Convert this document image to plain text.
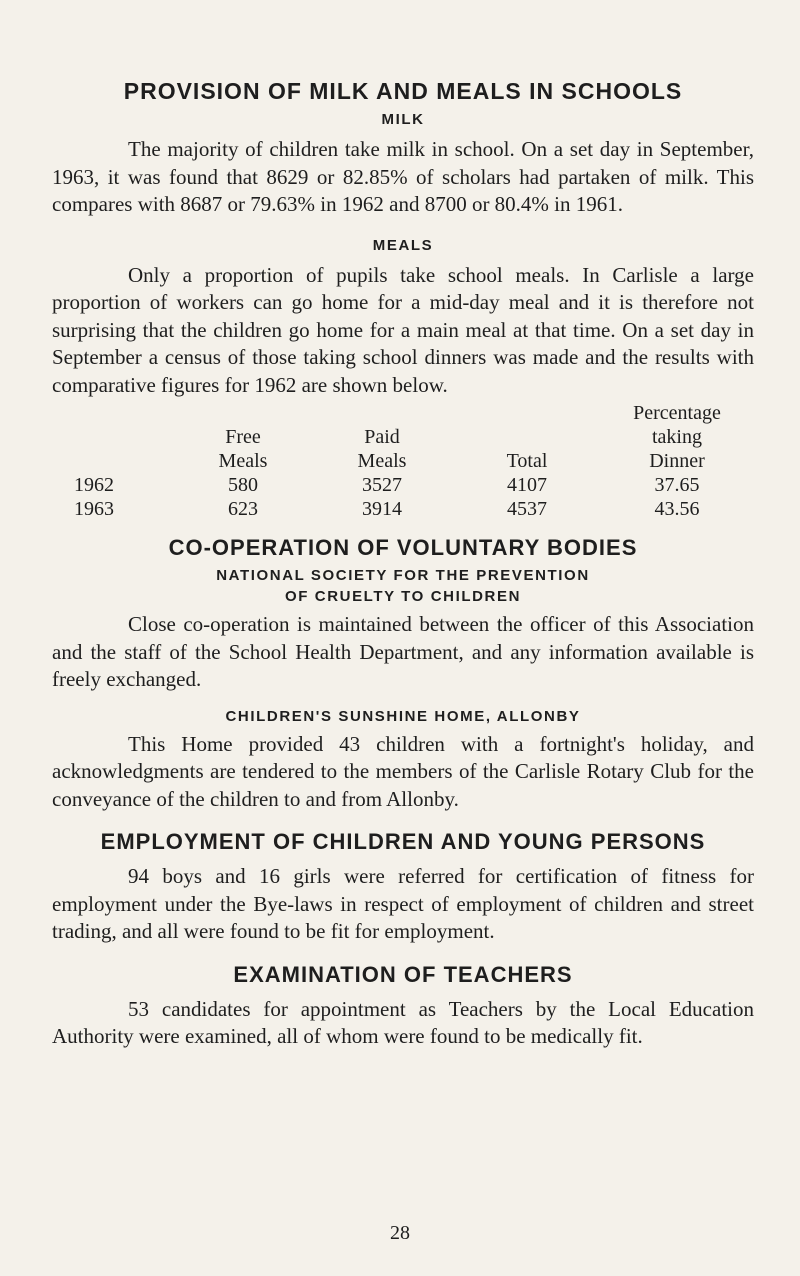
PROVISION OF MILK AND MEALS IN SCHOOLS
MILK

The majority of children take milk in school. On a set day in September, 1963, it was found that 8629 or 82.85% of scholars had partaken of milk. This compares with 8687 or 79.63% in 1962 and 8700 or 80.4% in 1961.

MEALS

Only a proportion of pupils take school meals. In Carlisle a large proportion of workers can go home for a mid-day meal and it is therefore not surprising that the children go home for a main meal at that time. On a set day in September a census of those taking school dinners was made and the results with comparative figures for 1962 are shown below.

				Percentage
	Free	Paid		taking
	Meals	Meals	Total	Dinner
1962	580	3527	4107	37.65
1963	623	3914	4537	43.56
CO-OPERATION OF VOLUNTARY BODIES
NATIONAL SOCIETY FOR THE PREVENTION
OF CRUELTY TO CHILDREN

Close co-operation is maintained between the officer of this Association and the staff of the School Health Department, and any information available is freely exchanged.

CHILDREN'S SUNSHINE HOME, ALLONBY

This Home provided 43 children with a fortnight's holiday, and acknowledgments are tendered to the members of the Carlisle Rotary Club for the conveyance of the children to and from Allonby.

EMPLOYMENT OF CHILDREN AND YOUNG PERSONS

94 boys and 16 girls were referred for certification of fitness for employment under the Bye-laws in respect of employment of children and street trading, and all were found to be fit for employment.

EXAMINATION OF TEACHERS

53 candidates for appointment as Teachers by the Local Education Authority were examined, all of whom were found to be medically fit.

28
